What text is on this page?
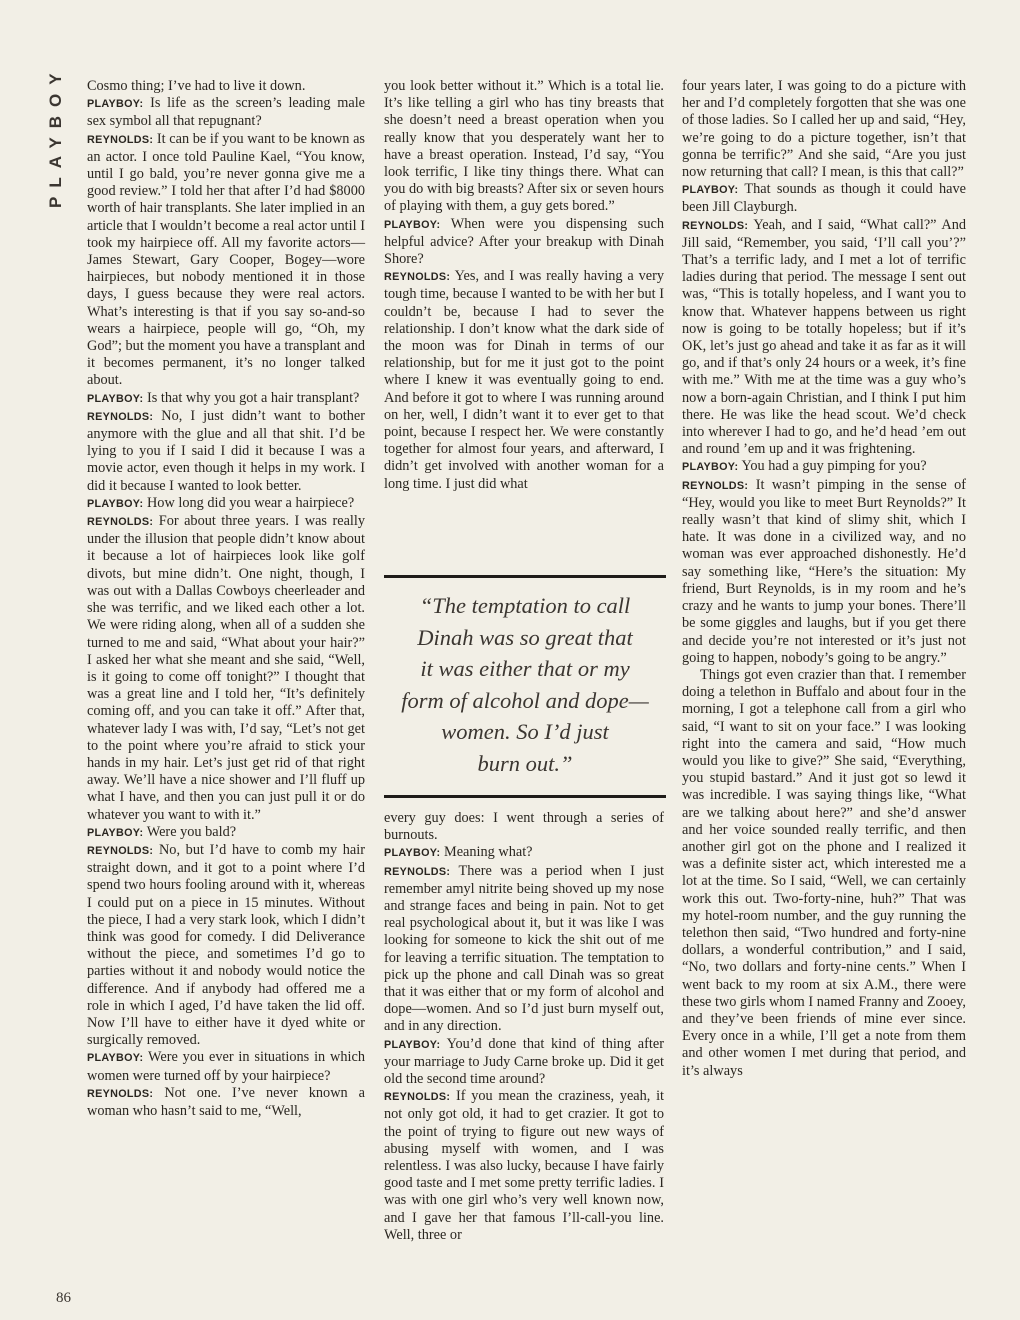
PLAYBOY
86

Cosmo thing; I’ve had to live it down.

PLAYBOY: Is life as the screen’s leading male sex symbol all that repugnant?

REYNOLDS: It can be if you want to be known as an actor. I once told Pauline Kael, “You know, until I go bald, you’re never gonna give me a good review.” I told her that after I’d had $8000 worth of hair transplants. She later implied in an article that I wouldn’t become a real actor until I took my hairpiece off. All my favorite actors—James Stewart, Gary Cooper, Bogey—wore hairpieces, but nobody mentioned it in those days, I guess because they were real actors. What’s interesting is that if you say so-and-so wears a hairpiece, people will go, “Oh, my God”; but the moment you have a transplant and it becomes permanent, it’s no longer talked about.

PLAYBOY: Is that why you got a hair transplant?

REYNOLDS: No, I just didn’t want to bother anymore with the glue and all that shit. I’d be lying to you if I said I did it because I was a movie actor, even though it helps in my work. I did it because I wanted to look better.

PLAYBOY: How long did you wear a hairpiece?

REYNOLDS: For about three years. I was really under the illusion that people didn’t know about it because a lot of hairpieces look like golf divots, but mine didn’t. One night, though, I was out with a Dallas Cowboys cheerleader and she was terrific, and we liked each other a lot. We were riding along, when all of a sudden she turned to me and said, “What about your hair?” I asked her what she meant and she said, “Well, is it going to come off tonight?” I thought that was a great line and I told her, “It’s definitely coming off, and you can take it off.” After that, whatever lady I was with, I’d say, “Let’s not get to the point where you’re afraid to stick your hands in my hair. Let’s just get rid of that right away. We’ll have a nice shower and I’ll fluff up what I have, and then you can just pull it or do whatever you want to with it.”

PLAYBOY: Were you bald?

REYNOLDS: No, but I’d have to comb my hair straight down, and it got to a point where I’d spend two hours fooling around with it, whereas I could put on a piece in 15 minutes. Without the piece, I had a very stark look, which I didn’t think was good for comedy. I did Deliverance without the piece, and sometimes I’d go to parties without it and nobody would notice the difference. And if anybody had offered me a role in which I aged, I’d have taken the lid off. Now I’ll have to either have it dyed white or surgically removed.

PLAYBOY: Were you ever in situations in which women were turned off by your hairpiece?

REYNOLDS: Not one. I’ve never known a woman who hasn’t said to me, “Well,

you look better without it.” Which is a total lie. It’s like telling a girl who has tiny breasts that she doesn’t need a breast operation when you really know that you desperately want her to have a breast operation. Instead, I’d say, “You look terrific, I like tiny things there. What can you do with big breasts? After six or seven hours of playing with them, a guy gets bored.”

PLAYBOY: When were you dispensing such helpful advice? After your breakup with Dinah Shore?

REYNOLDS: Yes, and I was really having a very tough time, because I wanted to be with her but I couldn’t be, because I had to sever the relationship. I don’t know what the dark side of the moon was for Dinah in terms of our relationship, but for me it just got to the point where I knew it was eventually going to end. And before it got to where I was running around on her, well, I didn’t want it to ever get to that point, because I respect her. We were constantly together for almost four years, and afterward, I didn’t get involved with another woman for a long time. I just did what

“The temptation to call
Dinah was so great that
it was either that or my
form of alcohol and dope—
women. So I’d just
burn out.”

every guy does: I went through a series of burnouts.

PLAYBOY: Meaning what?

REYNOLDS: There was a period when I just remember amyl nitrite being shoved up my nose and strange faces and being in pain. Not to get real psychological about it, but it was like I was looking for someone to kick the shit out of me for leaving a terrific situation. The temptation to pick up the phone and call Dinah was so great that it was either that or my form of alcohol and dope—women. And so I’d just burn myself out, and in any direction.

PLAYBOY: You’d done that kind of thing after your marriage to Judy Carne broke up. Did it get old the second time around?

REYNOLDS: If you mean the craziness, yeah, it not only got old, it had to get crazier. It got to the point of trying to figure out new ways of abusing myself with women, and I was relentless. I was also lucky, because I have fairly good taste and I met some pretty terrific ladies. I was with one girl who’s very well known now, and I gave her that famous I’ll-call-you line. Well, three or

four years later, I was going to do a picture with her and I’d completely forgotten that she was one of those ladies. So I called her up and said, “Hey, we’re going to do a picture together, isn’t that gonna be terrific?” And she said, “Are you just now returning that call? I mean, is this that call?”

PLAYBOY: That sounds as though it could have been Jill Clayburgh.

REYNOLDS: Yeah, and I said, “What call?” And Jill said, “Remember, you said, ‘I’ll call you’?” That’s a terrific lady, and I met a lot of terrific ladies during that period. The message I sent out was, “This is totally hopeless, and I want you to know that. Whatever happens between us right now is going to be totally hopeless; but if it’s OK, let’s just go ahead and take it as far as it will go, and if that’s only 24 hours or a week, it’s fine with me.” With me at the time was a guy who’s now a born-again Christian, and I think I put him there. He was like the head scout. We’d check into wherever I had to go, and he’d head ’em out and round ’em up and it was frightening.

PLAYBOY: You had a guy pimping for you?

REYNOLDS: It wasn’t pimping in the sense of “Hey, would you like to meet Burt Reynolds?” It really wasn’t that kind of slimy shit, which I hate. It was done in a civilized way, and no woman was ever approached dishonestly. He’d say something like, “Here’s the situation: My friend, Burt Reynolds, is in my room and he’s crazy and he wants to jump your bones. There’ll be some giggles and laughs, but if you get there and decide you’re not interested or it’s just not going to happen, nobody’s going to be angry.”

Things got even crazier than that. I remember doing a telethon in Buffalo and about four in the morning, I got a telephone call from a girl who said, “I want to sit on your face.” I was looking right into the camera and said, “How much would you like to give?” She said, “Everything, you stupid bastard.” And it just got so lewd it was incredible. I was saying things like, “What are we talking about here?” and she’d answer and her voice sounded really terrific, and then another girl got on the phone and I realized it was a definite sister act, which interested me a lot at the time. So I said, “Well, we can certainly work this out. Two-forty-nine, huh?” That was my hotel-room number, and the guy running the telethon then said, “Two hundred and forty-nine dollars, a wonderful contribution,” and I said, “No, two dollars and forty-nine cents.” When I went back to my room at six A.M., there were these two girls whom I named Franny and Zooey, and they’ve been friends of mine ever since. Every once in a while, I’ll get a note from them and other women I met during that period, and it’s always
